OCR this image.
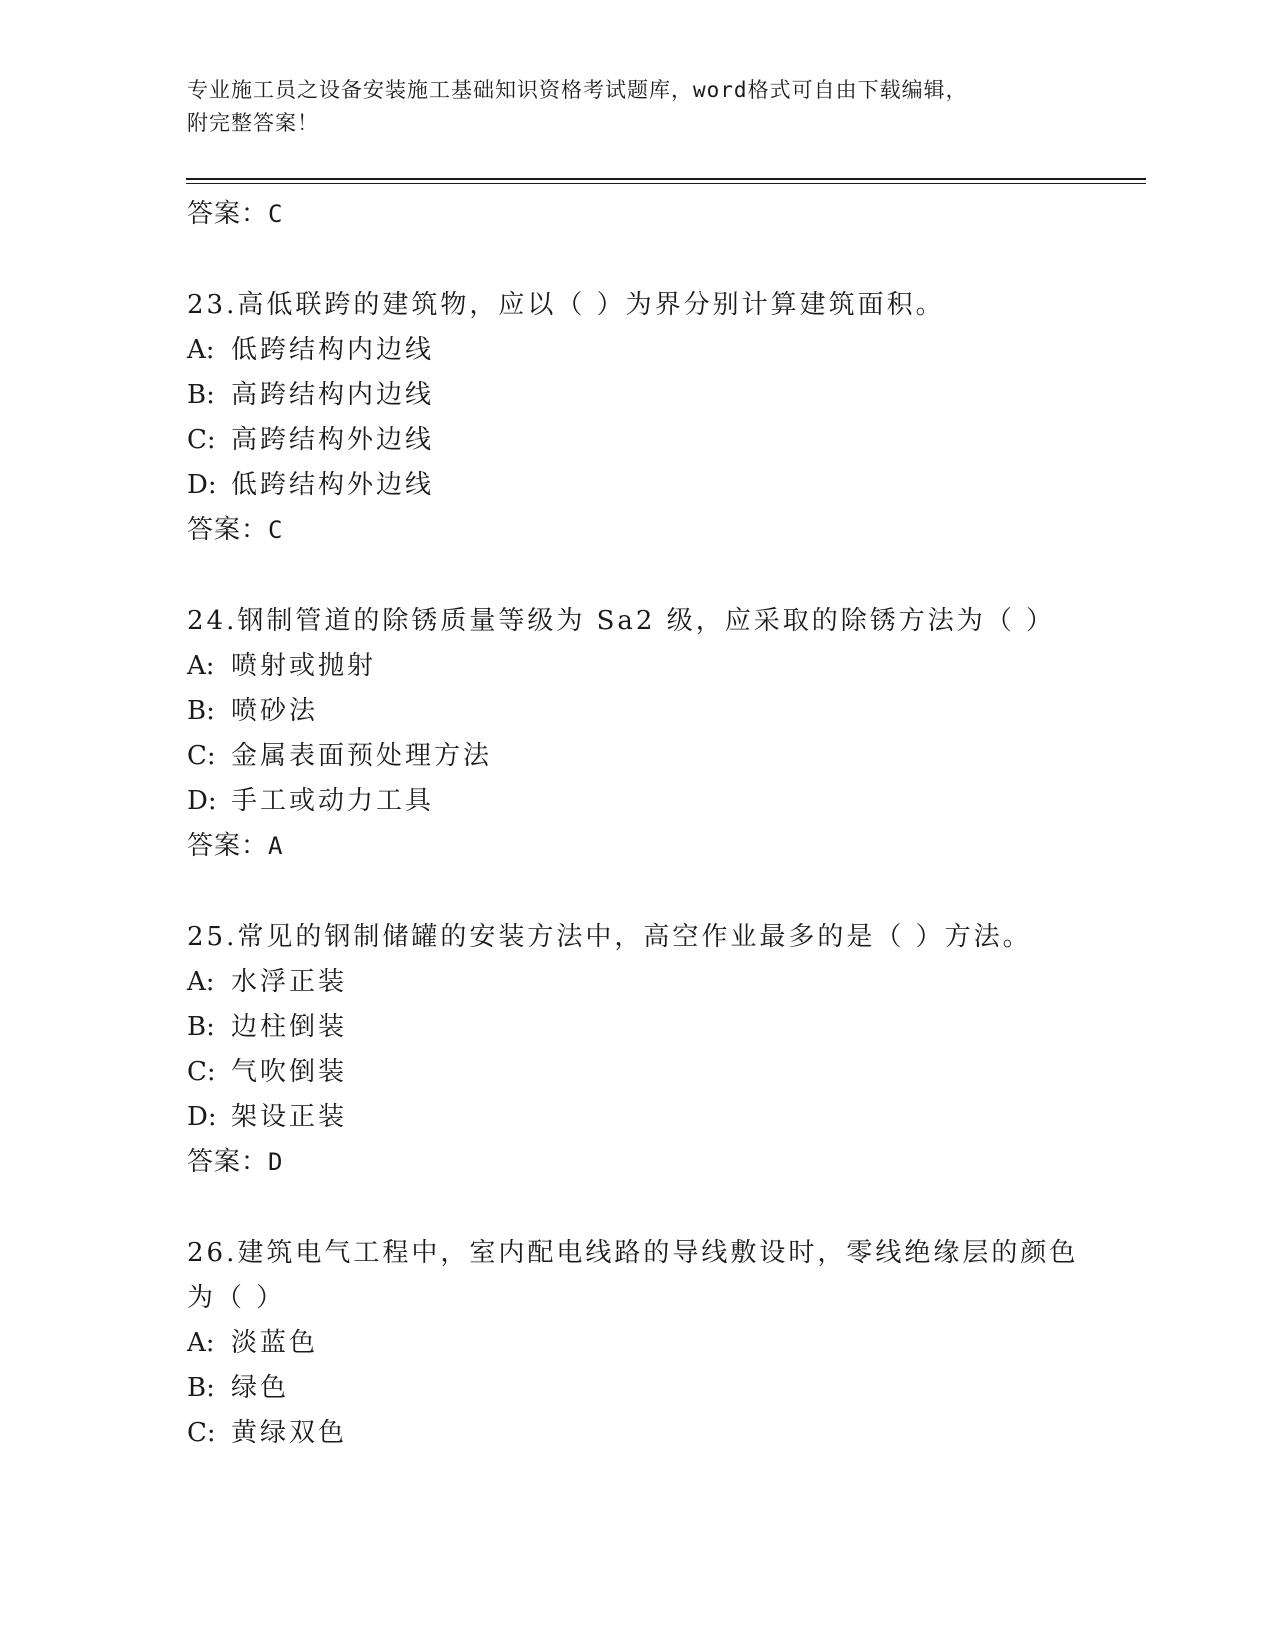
专业施工员之设备安装施工基础知识资格考试题库，word格式可自由下载编辑，
附完整答案！
答案：C
23.高低联跨的建筑物，应以（ ）为界分别计算建筑面积。
A: 低跨结构内边线
B: 高跨结构内边线
C: 高跨结构外边线
D: 低跨结构外边线
答案：C
24.钢制管道的除锈质量等级为 Sa2 级，应采取的除锈方法为（ ）
A: 喷射或抛射
B: 喷砂法
C: 金属表面预处理方法
D: 手工或动力工具
答案：A
25.常见的钢制储罐的安装方法中，高空作业最多的是（ ）方法。
A: 水浮正装
B: 边柱倒装
C: 气吹倒装
D: 架设正装
答案：D
26.建筑电气工程中，室内配电线路的导线敷设时，零线绝缘层的颜色
为（ ）
A: 淡蓝色
B: 绿色
C: 黄绿双色
